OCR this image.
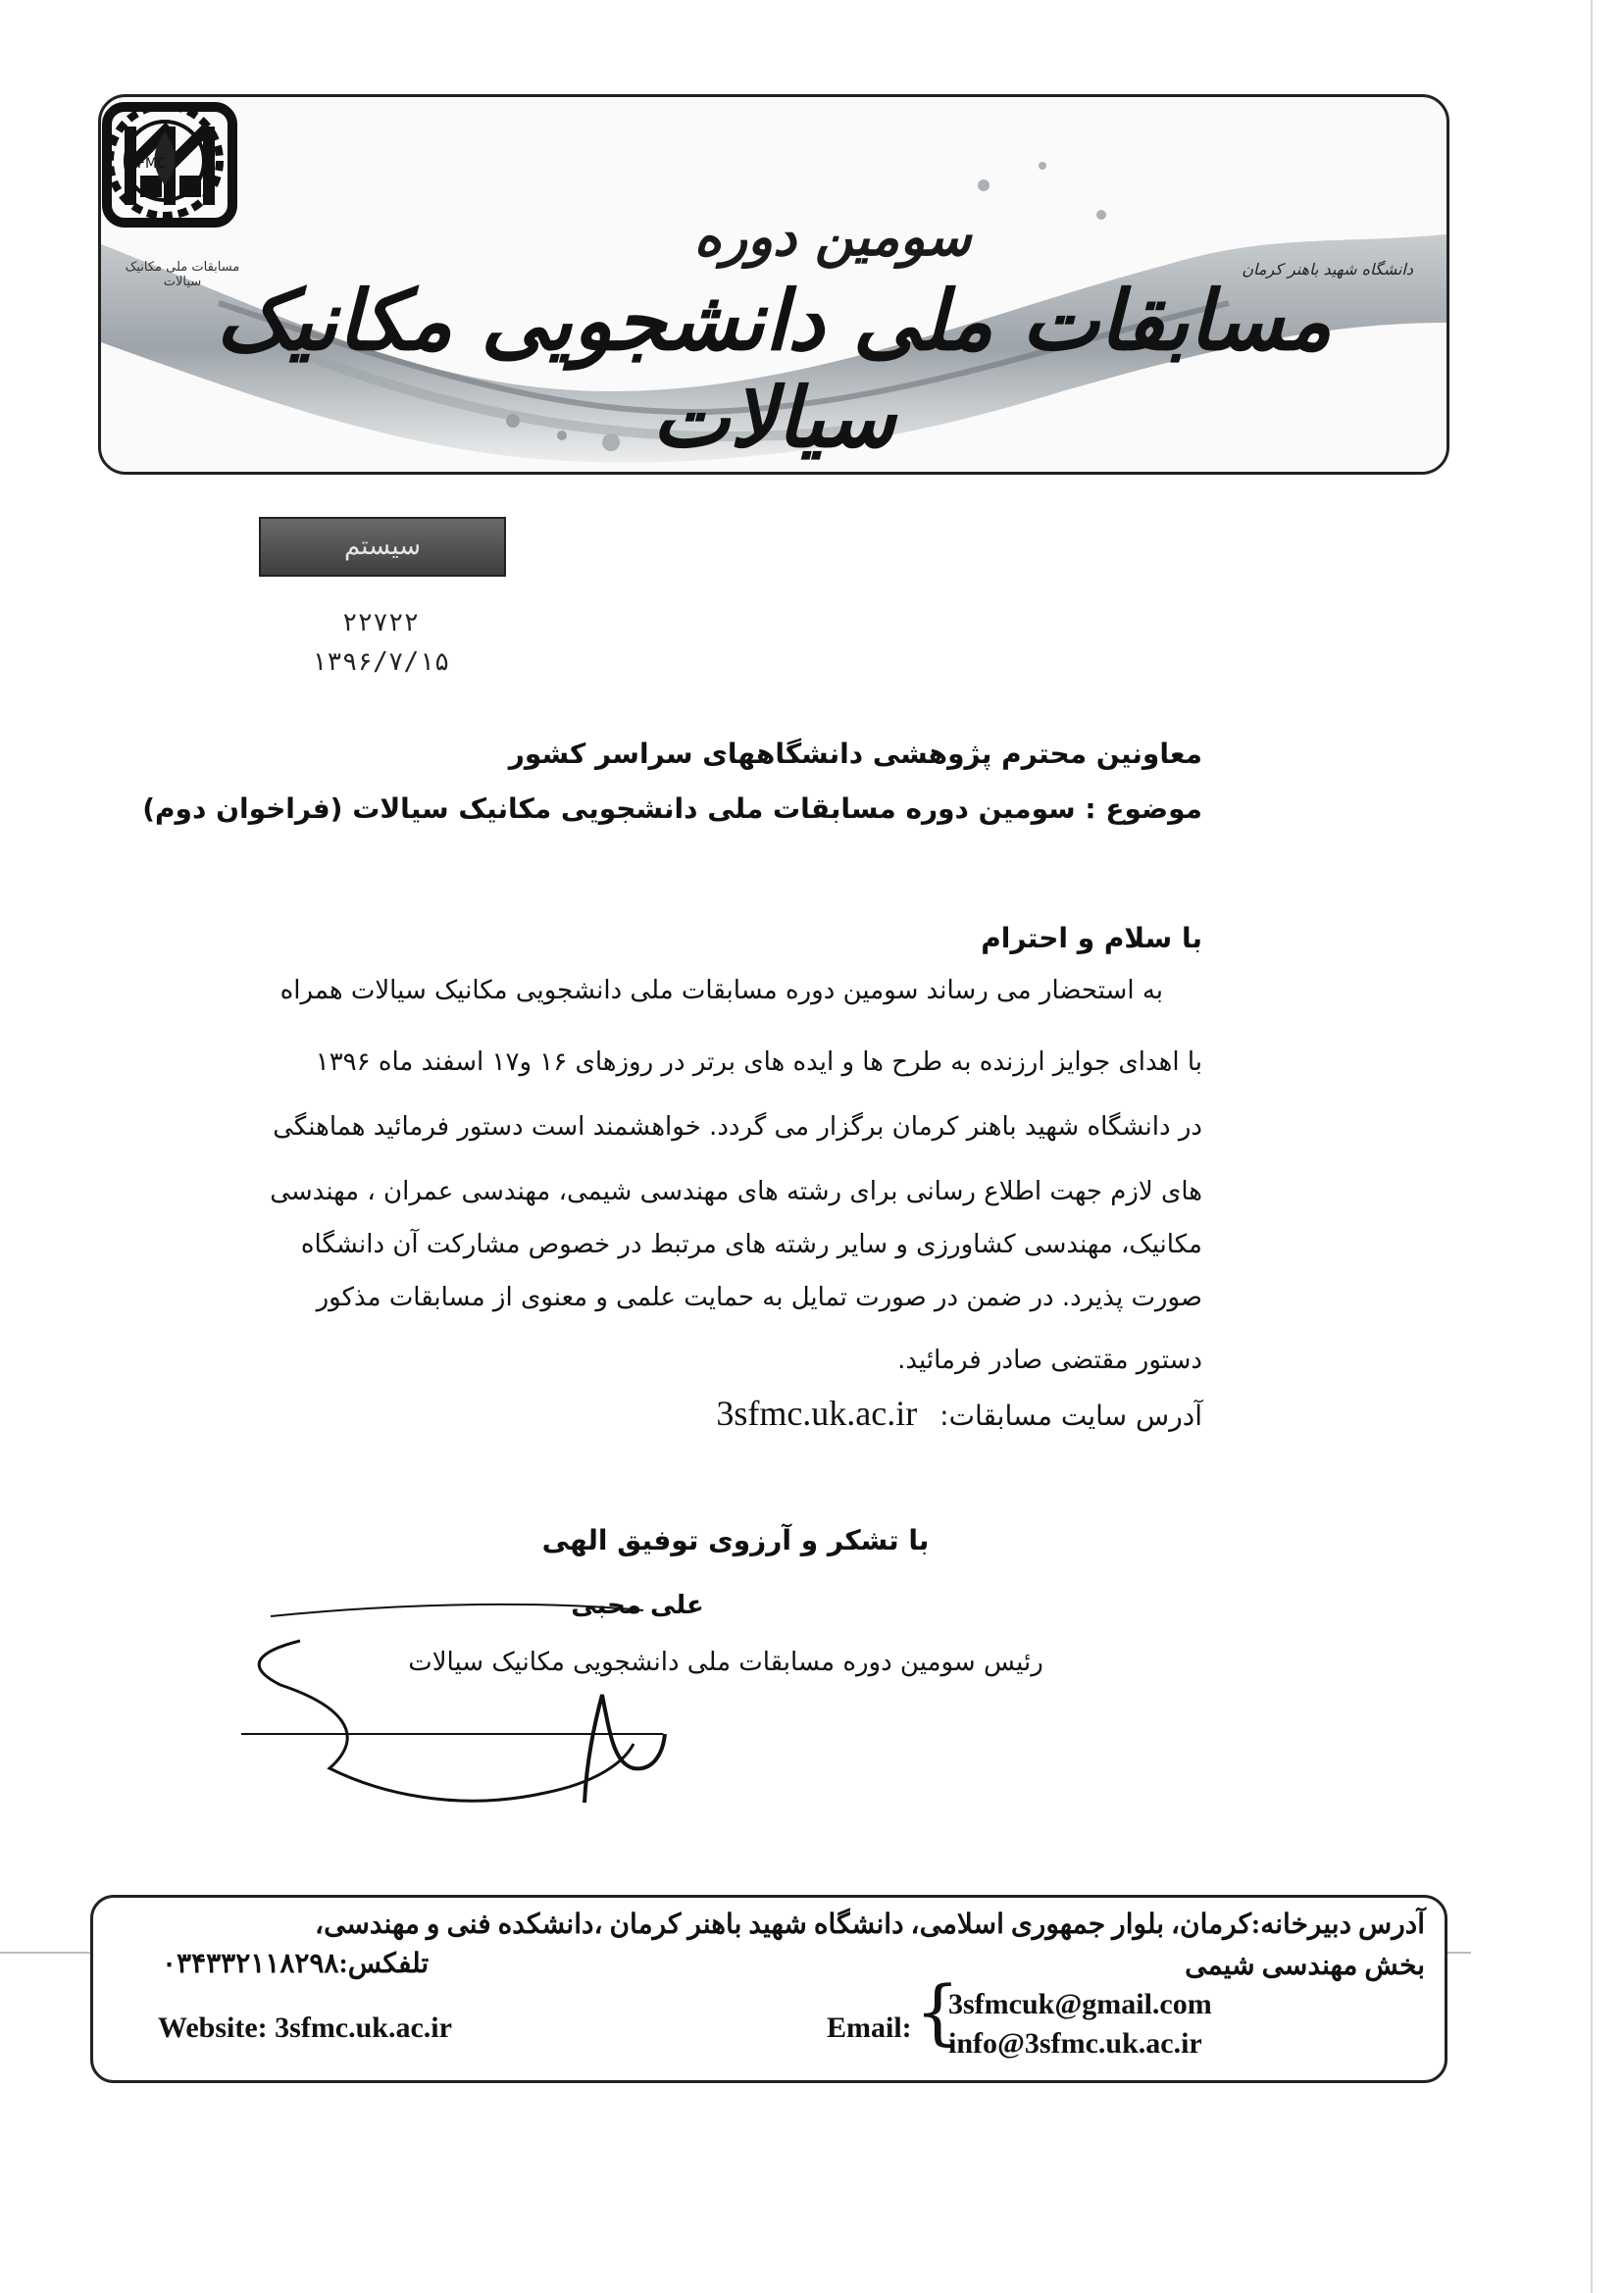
سومین دوره
مسابقات ملی دانشجویی مکانیک سیالات
دانشگاه شهید باهنر کرمان
SFMC
مسابقات ملی مکانیک سیالات
سیستم
۲۲۷۲۲
۱۳۹۶/۷/۱۵
معاونین محترم پژوهشی دانشگاههای سراسر کشور
موضوع : سومین دوره مسابقات ملی دانشجویی مکانیک سیالات (فراخوان دوم)
با سلام و احترام
به استحضار می رساند سومین دوره مسابقات ملی دانشجویی مکانیک سیالات همراه
با اهدای جوایز ارزنده به طرح ها و ایده های برتر در روزهای ۱۶ و۱۷ اسفند ماه ۱۳۹۶
در دانشگاه شهید باهنر کرمان برگزار می گردد. خواهشمند است دستور فرمائید هماهنگی
های لازم جهت اطلاع رسانی برای رشته های مهندسی شیمی، مهندسی عمران ، مهندسی
مکانیک، مهندسی کشاورزی و سایر رشته های مرتبط در خصوص مشارکت آن دانشگاه
صورت پذیرد. در ضمن در صورت تمایل به حمایت علمی و معنوی از مسابقات مذکور
دستور مقتضی صادر فرمائید.
آدرس سایت مسابقات: 3sfmc.uk.ac.ir
با تشکر و آرزوی توفیق الهی
علی محبی
رئیس سومین دوره مسابقات ملی دانشجویی مکانیک سیالات
آدرس دبیرخانه:کرمان، بلوار جمهوری اسلامی، دانشگاه شهید باهنر کرمان ،دانشکده فنی و مهندسی،
بخش مهندسی شیمی
تلفکس:۰۳۴۳۳۲۱۱۸۲۹۸
Website: 3sfmc.uk.ac.ir	Email: {
3sfmcuk@gmail.com
info@3sfmc.uk.ac.ir
